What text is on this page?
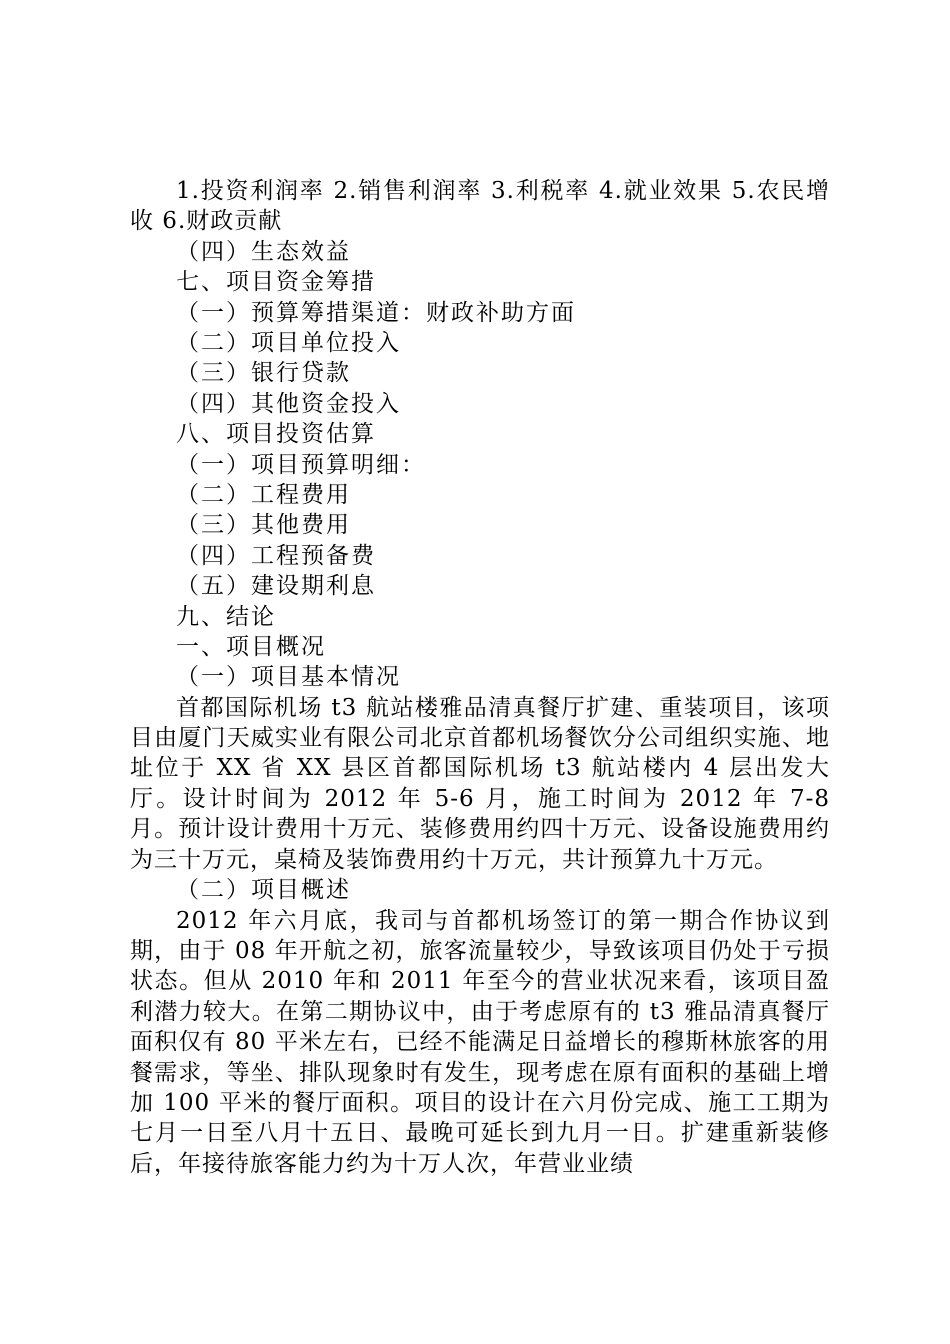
1.投资利润率 2.销售利润率 3.利税率 4.就业效果 5.农民增收 6.财政贡献

（四）生态效益
七、项目资金筹措
（一）预算筹措渠道：财政补助方面
（二）项目单位投入
（三）银行贷款
（四）其他资金投入
八、项目投资估算
（一）项目预算明细：
（二）工程费用
（三）其他费用
（四）工程预备费
（五）建设期利息
九、结论
一、项目概况
（一）项目基本情况

首都国际机场 t3 航站楼雅品清真餐厅扩建、重装项目，该项目由厦门天威实业有限公司北京首都机场餐饮分公司组织实施、地址位于 XX 省 XX 县区首都国际机场 t3 航站楼内 4 层出发大厅。设计时间为 2012 年 5-6 月，施工时间为 2012 年 7-8 月。预计设计费用十万元、装修费用约四十万元、设备设施费用约为三十万元，桌椅及装饰费用约十万元，共计预算九十万元。

（二）项目概述

2012 年六月底，我司与首都机场签订的第一期合作协议到期，由于 08 年开航之初，旅客流量较少，导致该项目仍处于亏损状态。但从 2010 年和 2011 年至今的营业状况来看，该项目盈利潜力较大。在第二期协议中，由于考虑原有的 t3 雅品清真餐厅面积仅有 80 平米左右，已经不能满足日益增长的穆斯林旅客的用餐需求，等坐、排队现象时有发生，现考虑在原有面积的基础上增加 100 平米的餐厅面积。项目的设计在六月份完成、施工工期为七月一日至八月十五日、最晚可延长到九月一日。扩建重新装修后，年接待旅客能力约为十万人次，年营业业绩
